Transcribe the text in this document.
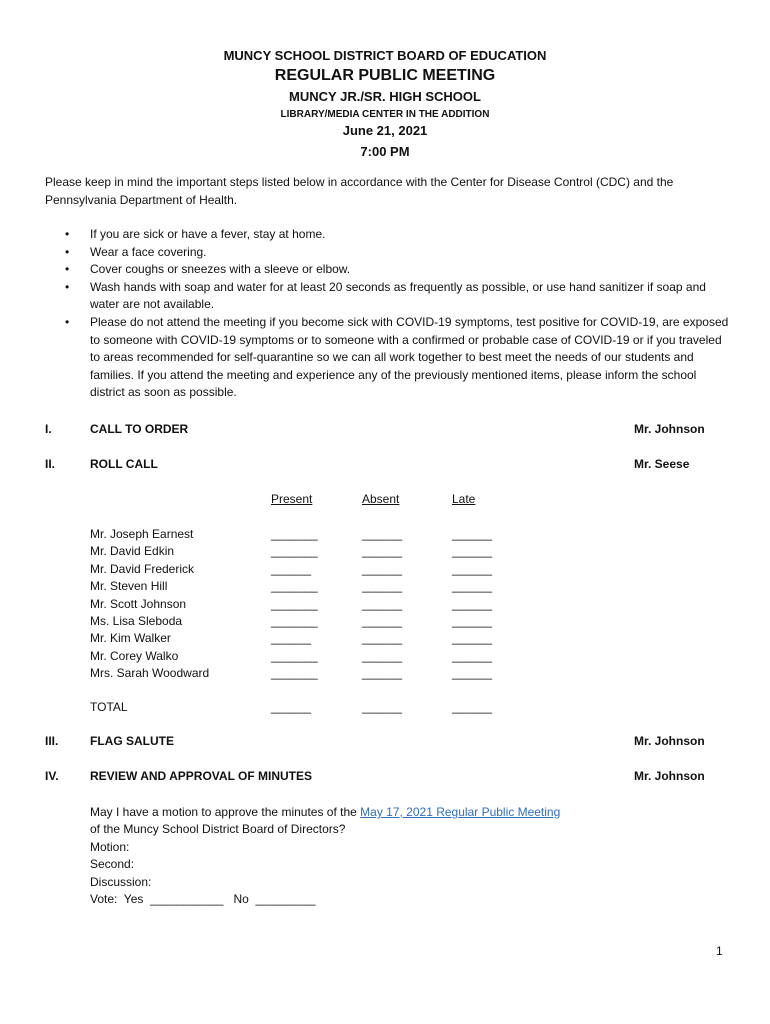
MUNCY SCHOOL DISTRICT BOARD OF EDUCATION
REGULAR PUBLIC MEETING
MUNCY JR./SR. HIGH SCHOOL
LIBRARY/MEDIA CENTER IN THE ADDITION
June 21, 2021
7:00 PM
Please keep in mind the important steps listed below in accordance with the Center for Disease Control (CDC) and the Pennsylvania Department of Health.
• If you are sick or have a fever, stay at home.
• Wear a face covering.
• Cover coughs or sneezes with a sleeve or elbow.
• Wash hands with soap and water for at least 20 seconds as frequently as possible, or use hand sanitizer if soap and water are not available.
• Please do not attend the meeting if you become sick with COVID-19 symptoms, test positive for COVID-19, are exposed to someone with COVID-19 symptoms or to someone with a confirmed or probable case of COVID-19 or if you traveled to areas recommended for self-quarantine so we can all work together to best meet the needs of our students and families. If you attend the meeting and experience any of the previously mentioned items, please inform the school district as soon as possible.
I.	CALL TO ORDER	Mr. Johnson
II.	ROLL CALL	Mr. Seese
Present	Absent	Late
Mr. Joseph Earnest	_______	______	______
Mr. David Edkin	_______	______	______
Mr. David Frederick	______	______	______
Mr. Steven Hill	_______	______	______
Mr. Scott Johnson	_______	______	______
Ms. Lisa Sleboda	_______	______	______
Mr. Kim Walker	______	______	______
Mr. Corey Walko	_______	______	______
Mrs. Sarah Woodward	_______	______	______
TOTAL	______	______	______
III.	FLAG SALUTE	Mr. Johnson
IV.	REVIEW AND APPROVAL OF MINUTES	Mr. Johnson
May I have a motion to approve the minutes of the May 17, 2021 Regular Public Meeting
of the Muncy School District Board of Directors?
Motion:
Second:
Discussion:
Vote:  Yes  ___________   No  _________
1
